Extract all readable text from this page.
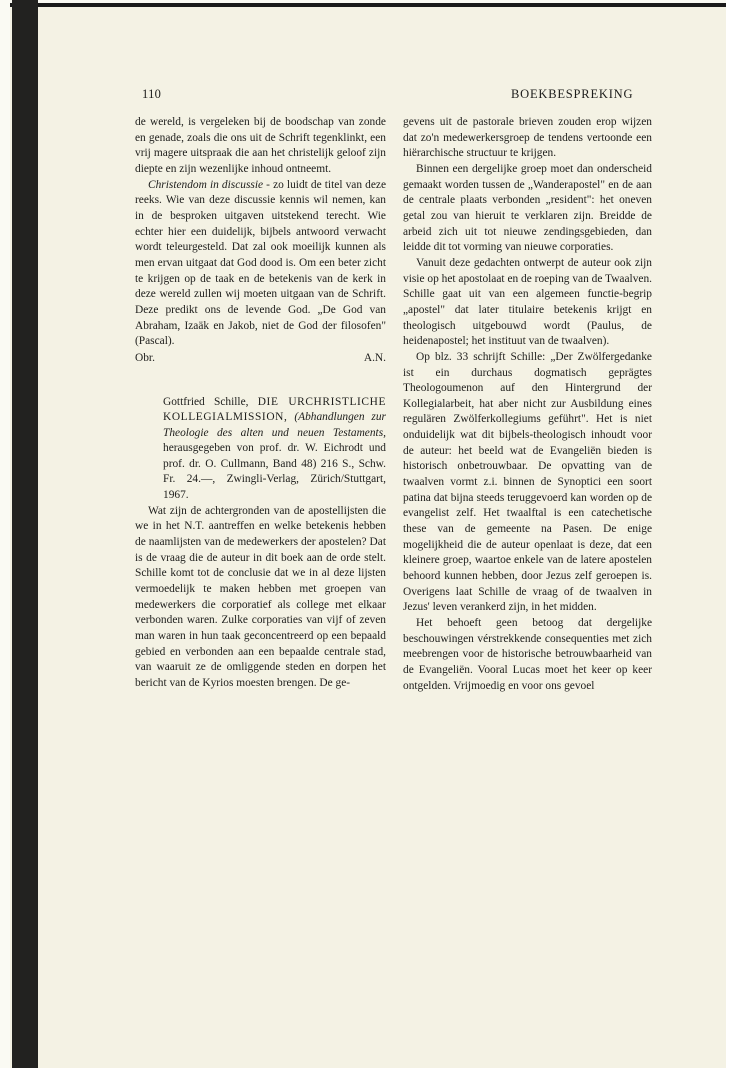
110	BOEKBESPREKING

de wereld, is vergeleken bij de boodschap van zonde en genade, zoals die ons uit de Schrift tegenklinkt, een vrij magere uitspraak die aan het christelijk geloof zijn diepte en zijn wezenlijke inhoud ontneemt.

Christendom in discussie - zo luidt de titel van deze reeks. Wie van deze discussie kennis wil nemen, kan in de besproken uitgaven uitstekend terecht. Wie echter hier een duidelijk, bijbels antwoord verwacht wordt teleurgesteld. Dat zal ook moeilijk kunnen als men ervan uitgaat dat God dood is. Om een beter zicht te krijgen op de taak en de betekenis van de kerk in deze wereld zullen wij moeten uitgaan van de Schrift. Deze predikt ons de levende God. „De God van Abraham, Izaäk en Jakob, niet de God der filosofen" (Pascal).

Obr.	A.N.

Gottfried Schille, DIE URCHRISTLICHE KOLLEGIALMISSION, (Abhandlungen zur Theologie des alten und neuen Testaments, herausgegeben von prof. dr. W. Eichrodt und prof. dr. O. Cullmann, Band 48) 216 S., Schw. Fr. 24.—, Zwingli-Verlag, Zürich/Stuttgart, 1967.

Wat zijn de achtergronden van de apostellijsten die we in het N.T. aantreffen en welke betekenis hebben de naamlijsten van de medewerkers der apostelen? Dat is de vraag die de auteur in dit boek aan de orde stelt. Schille komt tot de conclusie dat we in al deze lijsten vermoedelijk te maken hebben met groepen van medewerkers die corporatief als college met elkaar verbonden waren. Zulke corporaties van vijf of zeven man waren in hun taak geconcentreerd op een bepaald gebied en verbonden aan een bepaalde centrale stad, van waaruit ze de omliggende steden en dorpen het bericht van de Kyrios moesten brengen. De ge-

gevens uit de pastorale brieven zouden erop wijzen dat zo'n medewerkersgroep de tendens vertoonde een hiërarchische structuur te krijgen.

Binnen een dergelijke groep moet dan onderscheid gemaakt worden tussen de „Wanderapostel" en de aan de centrale plaats verbonden „resident": het oneven getal zou van hieruit te verklaren zijn. Breidde de arbeid zich uit tot nieuwe zendingsgebieden, dan leidde dit tot vorming van nieuwe corporaties.

Vanuit deze gedachten ontwerpt de auteur ook zijn visie op het apostolaat en de roeping van de Twaalven. Schille gaat uit van een algemeen functie-begrip „apostel" dat later titulaire betekenis krijgt en theologisch uitgebouwd wordt (Paulus, de heidenapostel; het instituut van de twaalven).

Op blz. 33 schrijft Schille: „Der Zwölfergedanke ist ein durchaus dogmatisch geprägtes Theologoumenon auf den Hintergrund der Kollegialarbeit, hat aber nicht zur Ausbildung eines regulären Zwölferkollegiums geführt". Het is niet onduidelijk wat dit bijbels-theologisch inhoudt voor de auteur: het beeld wat de Evangeliën bieden is historisch onbetrouwbaar. De opvatting van de twaalven vormt z.i. binnen de Synoptici een soort patina dat bijna steeds teruggevoerd kan worden op de evangelist zelf. Het twaalftal is een catechetische these van de gemeente na Pasen. De enige mogelijkheid die de auteur openlaat is deze, dat een kleinere groep, waartoe enkele van de latere apostelen behoord kunnen hebben, door Jezus zelf geroepen is. Overigens laat Schille de vraag of de twaalven in Jezus' leven verankerd zijn, in het midden.

Het behoeft geen betoog dat dergelijke beschouwingen vérstrekkende consequenties met zich meebrengen voor de historische betrouwbaarheid van de Evangeliën. Vooral Lucas moet het keer op keer ontgelden. Vrijmoedig en voor ons gevoel
